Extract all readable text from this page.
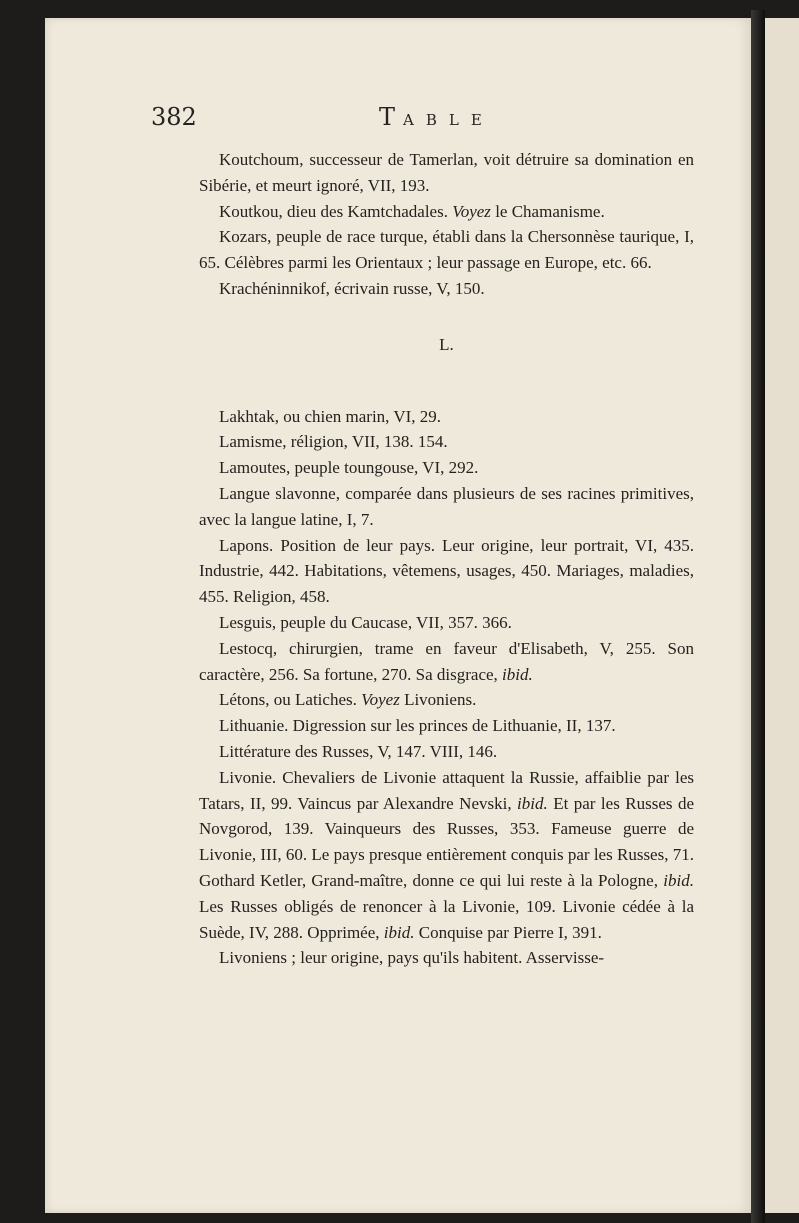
382	TABLE

Koutchoum, successeur de Tamerlan, voit détruire sa domination en Sibérie, et meurt ignoré, VII, 193.

Koutkou, dieu des Kamtchadales. Voyez le Chamanisme.

Kozars, peuple de race turque, établi dans la Chersonnèse taurique, I, 65. Célèbres parmi les Orientaux ; leur passage en Europe, etc. 66.

Krachéninnikof, écrivain russe, V, 150.

L.

Lakhtak, ou chien marin, VI, 29.

Lamisme, réligion, VII, 138. 154.

Lamoutes, peuple toungouse, VI, 292.

Langue slavonne, comparée dans plusieurs de ses racines primitives, avec la langue latine, I, 7.

Lapons. Position de leur pays. Leur origine, leur portrait, VI, 435. Industrie, 442. Habitations, vêtemens, usages, 450. Mariages, maladies, 455. Religion, 458.

Lesguis, peuple du Caucase, VII, 357. 366.

Lestocq, chirurgien, trame en faveur d'Elisabeth, V, 255. Son caractère, 256. Sa fortune, 270. Sa disgrace, ibid.

Létons, ou Latiches. Voyez Livoniens.

Lithuanie. Digression sur les princes de Lithuanie, II, 137.

Littérature des Russes, V, 147. VIII, 146.

Livonie. Chevaliers de Livonie attaquent la Russie, affaiblie par les Tatars, II, 99. Vaincus par Alexandre Nevski, ibid. Et par les Russes de Novgorod, 139. Vainqueurs des Russes, 353. Fameuse guerre de Livonie, III, 60. Le pays presque entièrement conquis par les Russes, 71. Gothard Ketler, Grand-maître, donne ce qui lui reste à la Pologne, ibid. Les Russes obligés de renoncer à la Livonie, 109. Livonie cédée à la Suède, IV, 288. Opprimée, ibid. Conquise par Pierre I, 391.

Livoniens ; leur origine, pays qu'ils habitent. Asservisse-
